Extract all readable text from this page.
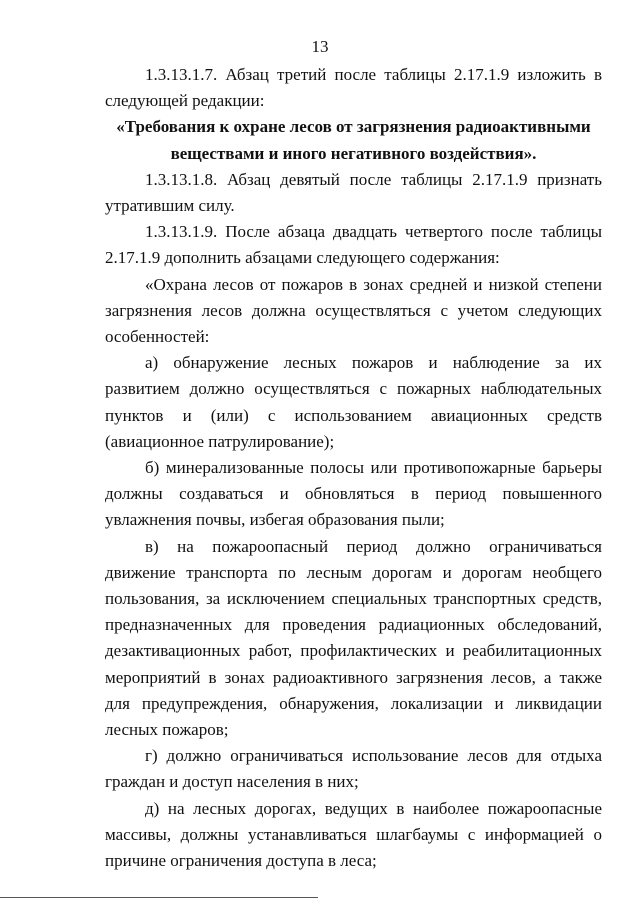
13

1.3.13.1.7. Абзац третий после таблицы 2.17.1.9 изложить в следующей редакции:

«Требования к охране лесов от загрязнения радиоактивными веществами и иного негативного воздействия».

1.3.13.1.8. Абзац девятый после таблицы 2.17.1.9 признать утратившим силу.

1.3.13.1.9. После абзаца двадцать четвертого после таблицы 2.17.1.9 дополнить абзацами следующего содержания:

«Охрана лесов от пожаров в зонах средней и низкой степени загрязнения лесов должна осуществляться с учетом следующих особенностей:

а) обнаружение лесных пожаров и наблюдение за их развитием должно осуществляться с пожарных наблюдательных пунктов и (или) с использованием авиационных средств (авиационное патрулирование);

б) минерализованные полосы или противопожарные барьеры должны создаваться и обновляться в период повышенного увлажнения почвы, избегая образования пыли;

в) на пожароопасный период должно ограничиваться движение транспорта по лесным дорогам и дорогам необщего пользования, за исключением специальных транспортных средств, предназначенных для проведения радиационных обследований, дезактивационных работ, профилактических и реабилитационных мероприятий в зонах радиоактивного загрязнения лесов, а также для предупреждения, обнаружения, локализации и ликвидации лесных пожаров;

г) должно ограничиваться использование лесов для отдыха граждан и доступ населения в них;

д) на лесных дорогах, ведущих в наиболее пожароопасные массивы, должны устанавливаться шлагбаумы с информацией о причине ограничения доступа в леса;
